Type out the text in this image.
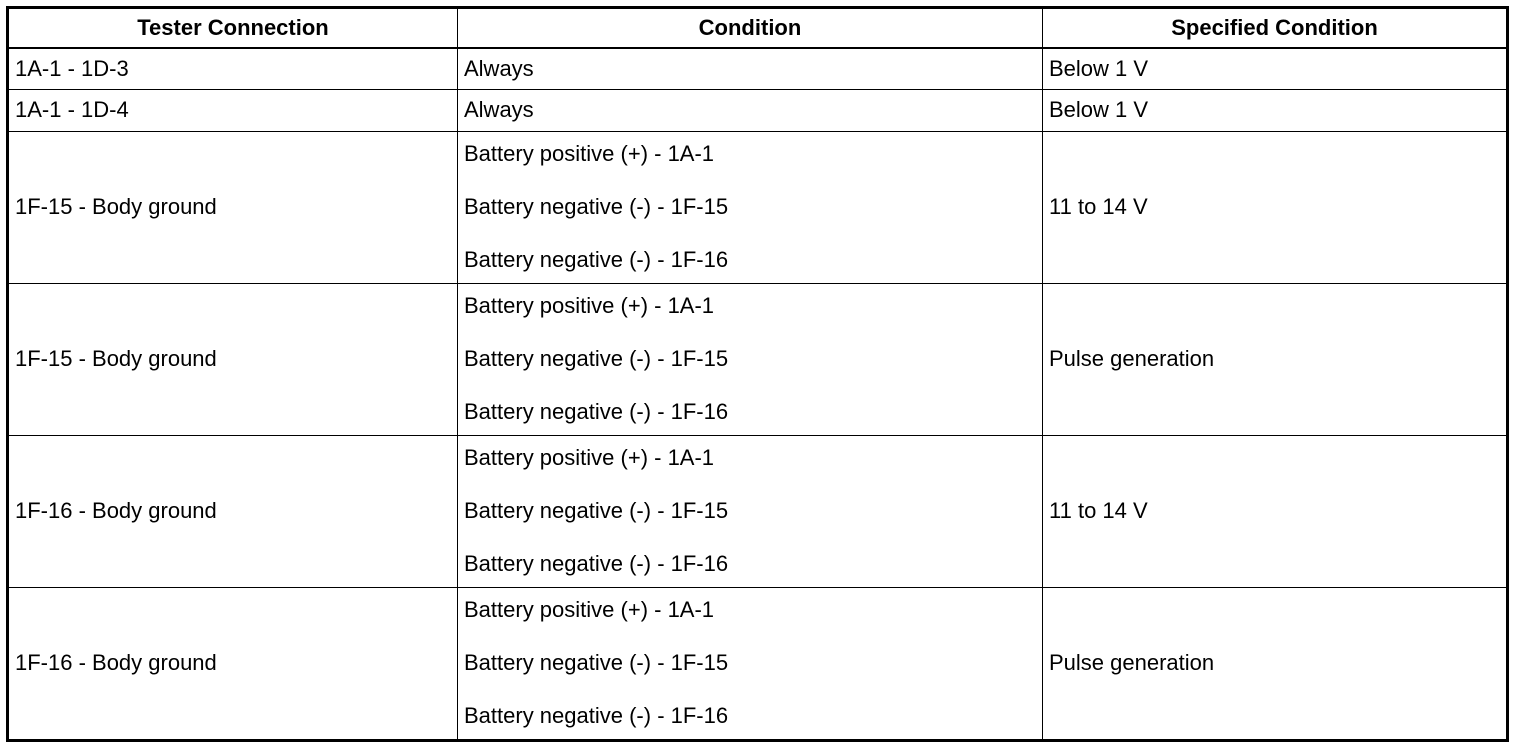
Tester Connection	Condition	Specified Condition
1A-1 - 1D-3	Always	Below 1 V
1A-1 - 1D-4	Always	Below 1 V
1F-15 - Body ground	Battery positive (+) - 1A-1
Battery negative (-) - 1F-15
Battery negative (-) - 1F-16	11 to 14 V
1F-15 - Body ground	Battery positive (+) - 1A-1
Battery negative (-) - 1F-15
Battery negative (-) - 1F-16	Pulse generation
1F-16 - Body ground	Battery positive (+) - 1A-1
Battery negative (-) - 1F-15
Battery negative (-) - 1F-16	11 to 14 V
1F-16 - Body ground	Battery positive (+) - 1A-1
Battery negative (-) - 1F-15
Battery negative (-) - 1F-16	Pulse generation
